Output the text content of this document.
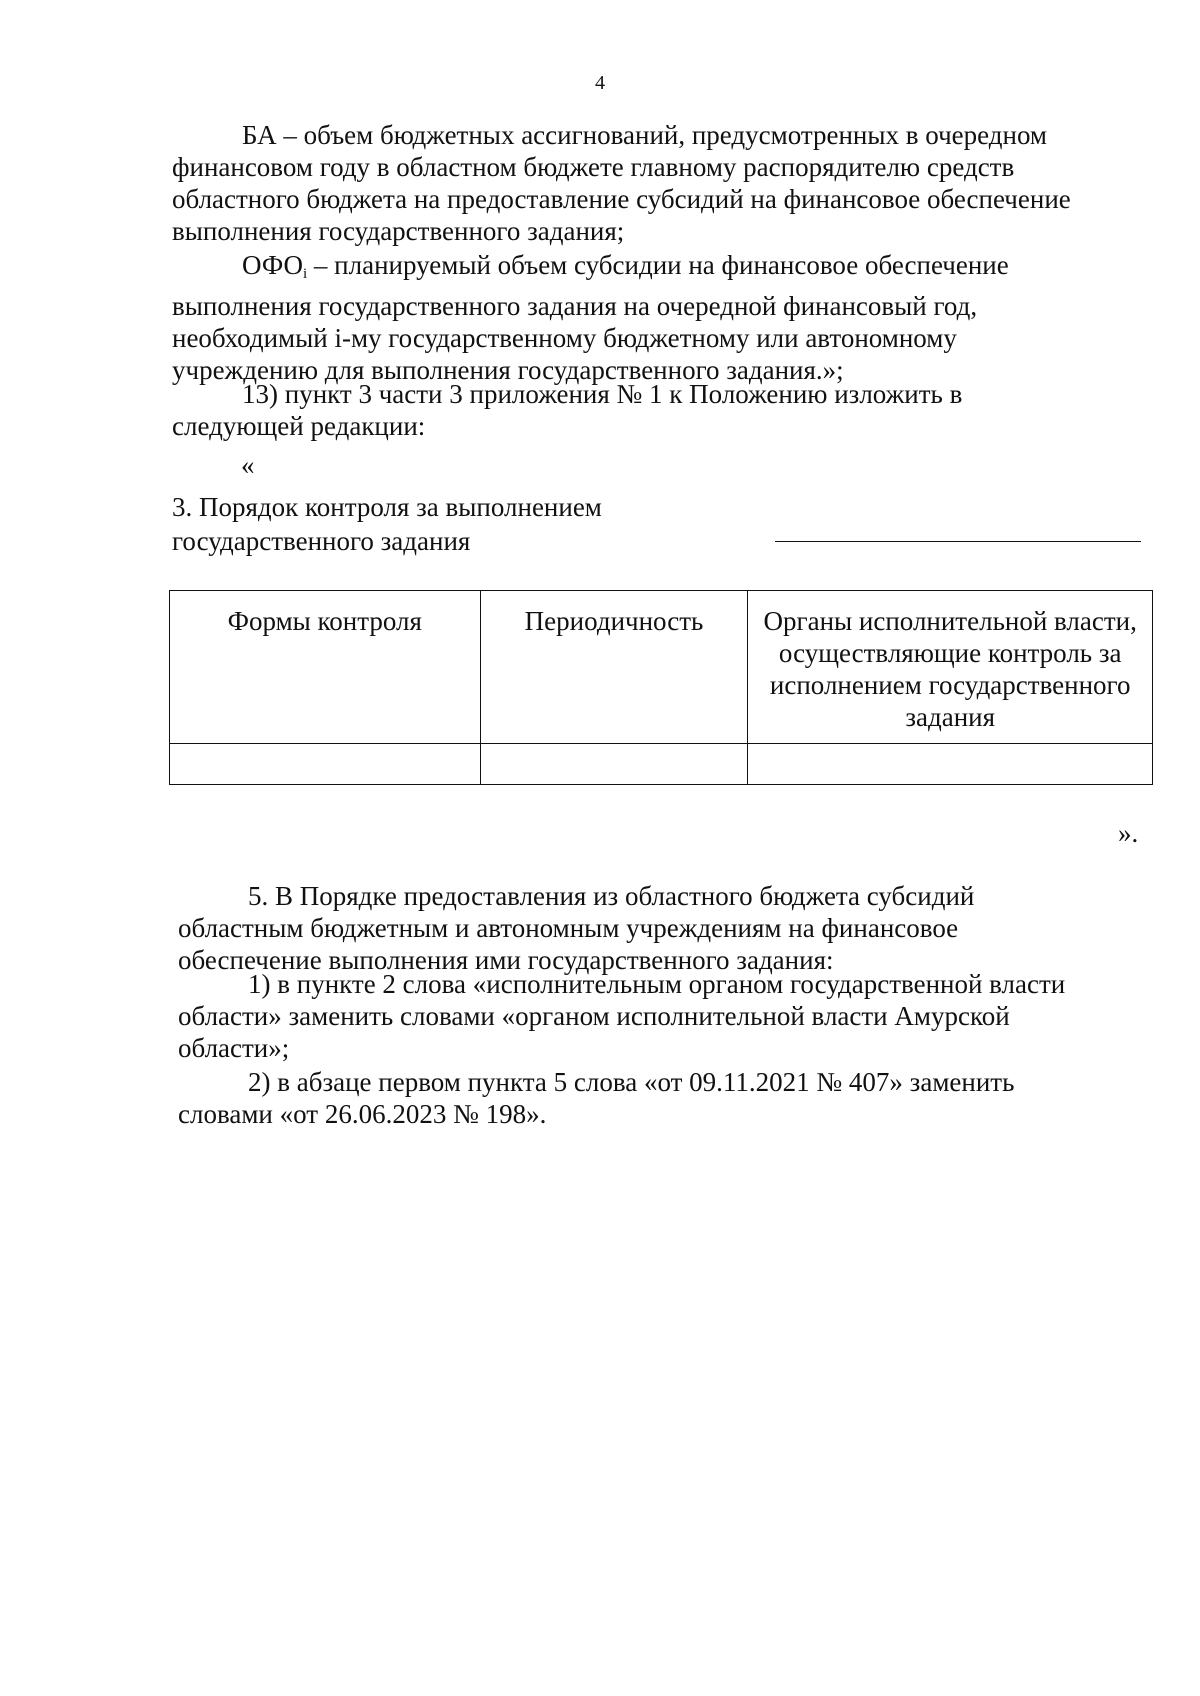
4

БА – объем бюджетных ассигнований, предусмотренных в очередном

финансовом году в областном бюджете главному распорядителю средств

областного бюджета на предоставление субсидий на финансовое обеспечение

выполнения государственного задания;

$ОФО_i$ – планируемый объем субсидии на финансовое обеспечение

выполнения государственного задания на очередной финансовый год,

необходимый i-му государственному бюджетному или автономному

учреждению для выполнения государственного задания.»;

13) пункт 3 части 3 приложения № 1 к Положению изложить в

следующей редакции:

«
3. Порядок контроля за выполнением
государственного задания
Формы контроля	Периодичность	Органы исполнительной власти, осуществляющие контроль за исполнением государственного задания

».

5. В Порядке предоставления из областного бюджета субсидий

областным бюджетным и автономным учреждениям на финансовое

обеспечение выполнения ими государственного задания:

1) в пункте 2 слова «исполнительным органом государственной власти

области» заменить словами «органом исполнительной власти Амурской

области»;

2) в абзаце первом пункта 5 слова «от 09.11.2021 № 407» заменить

словами «от 26.06.2023 № 198».
